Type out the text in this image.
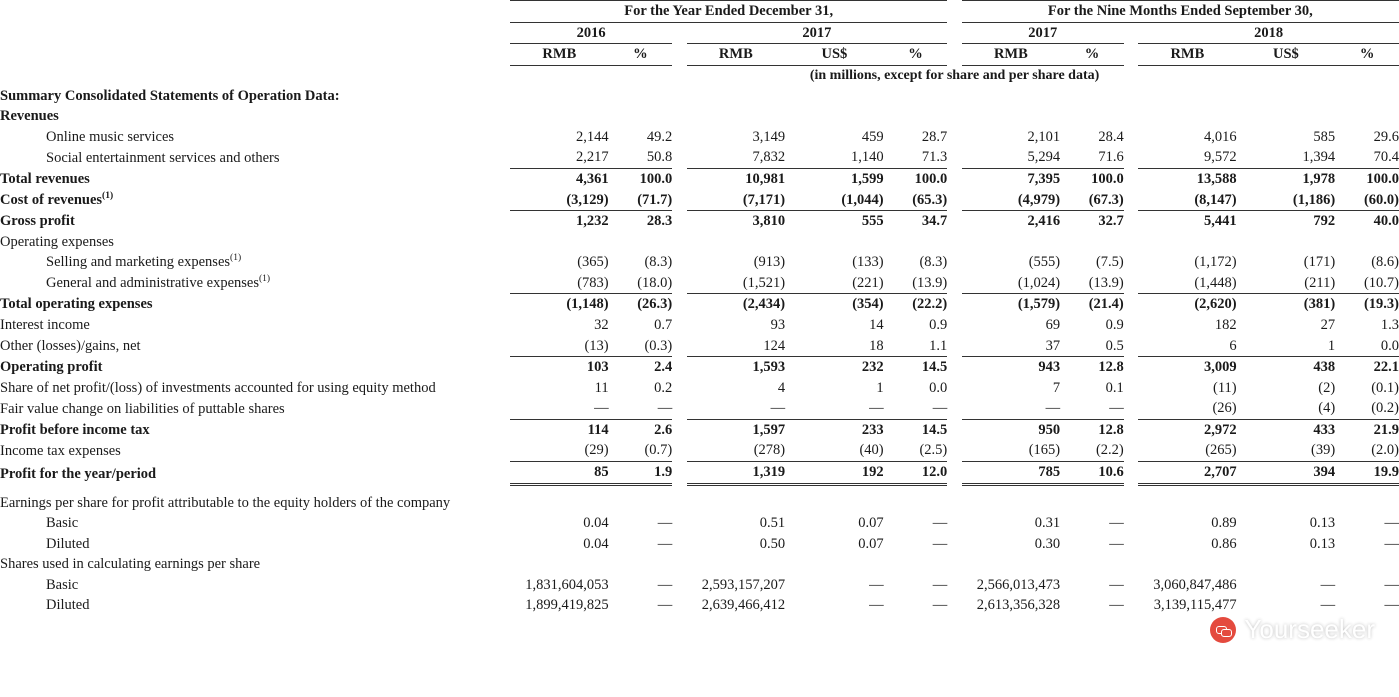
	For the Year Ended December 31,							For the Nine Months Ended September 30,					
	2016			2017				2017			2018		
	RMB	%		RMB	US$	%		RMB	%		RMB	US$	%
	(in millions, except for share and per share data)												
Summary Consolidated Statements of Operation Data:													
Revenues													
Online music services	2,144	49.2		3,149	459	28.7		2,101	28.4		4,016	585	29.6
Social entertainment services and others	2,217	50.8		7,832	1,140	71.3		5,294	71.6		9,572	1,394	70.4
Total revenues	4,361	100.0		10,981	1,599	100.0		7,395	100.0		13,588	1,978	100.0
Cost of revenues$^{(1)}$	(3,129)	(71.7)		(7,171)	(1,044)	(65.3)		(4,979)	(67.3)		(8,147)	(1,186)	(60.0)
Gross profit	1,232	28.3		3,810	555	34.7		2,416	32.7		5,441	792	40.0
Operating expenses													
Selling and marketing expenses$^{(1)}$	(365)	(8.3)		(913)	(133)	(8.3)		(555)	(7.5)		(1,172)	(171)	(8.6)
General and administrative expenses$^{(1)}$	(783)	(18.0)		(1,521)	(221)	(13.9)		(1,024)	(13.9)		(1,448)	(211)	(10.7)
Total operating expenses	(1,148)	(26.3)		(2,434)	(354)	(22.2)		(1,579)	(21.4)		(2,620)	(381)	(19.3)
Interest income	32	0.7		93	14	0.9		69	0.9		182	27	1.3
Other (losses)/gains, net	(13)	(0.3)		124	18	1.1		37	0.5		6	1	0.0
Operating profit	103	2.4		1,593	232	14.5		943	12.8		3,009	438	22.1
Share of net profit/(loss) of investments accounted for using equity method	11	0.2		4	1	0.0		7	0.1		(11)	(2)	(0.1)
Fair value change on liabilities of puttable shares	—	—		—	—	—		—	—		(26)	(4)	(0.2)
Profit before income tax	114	2.6		1,597	233	14.5		950	12.8		2,972	433	21.9
Income tax expenses	(29)	(0.7)		(278)	(40)	(2.5)		(165)	(2.2)		(265)	(39)	(2.0)
Profit for the year/period	85	1.9		1,319	192	12.0		785	10.6		2,707	394	19.9

Earnings per share for profit attributable to the equity holders of the company													
Basic	0.04	—		0.51	0.07	—		0.31	—		0.89	0.13	—
Diluted	0.04	—		0.50	0.07	—		0.30	—		0.86	0.13	—
Shares used in calculating earnings per share													
Basic	1,831,604,053	—		2,593,157,207	—	—		2,566,013,473	—		3,060,847,486	—	—
Diluted	1,899,419,825	—		2,639,466,412	—	—		2,613,356,328	—		3,139,115,477	—	—
Yourseeker
